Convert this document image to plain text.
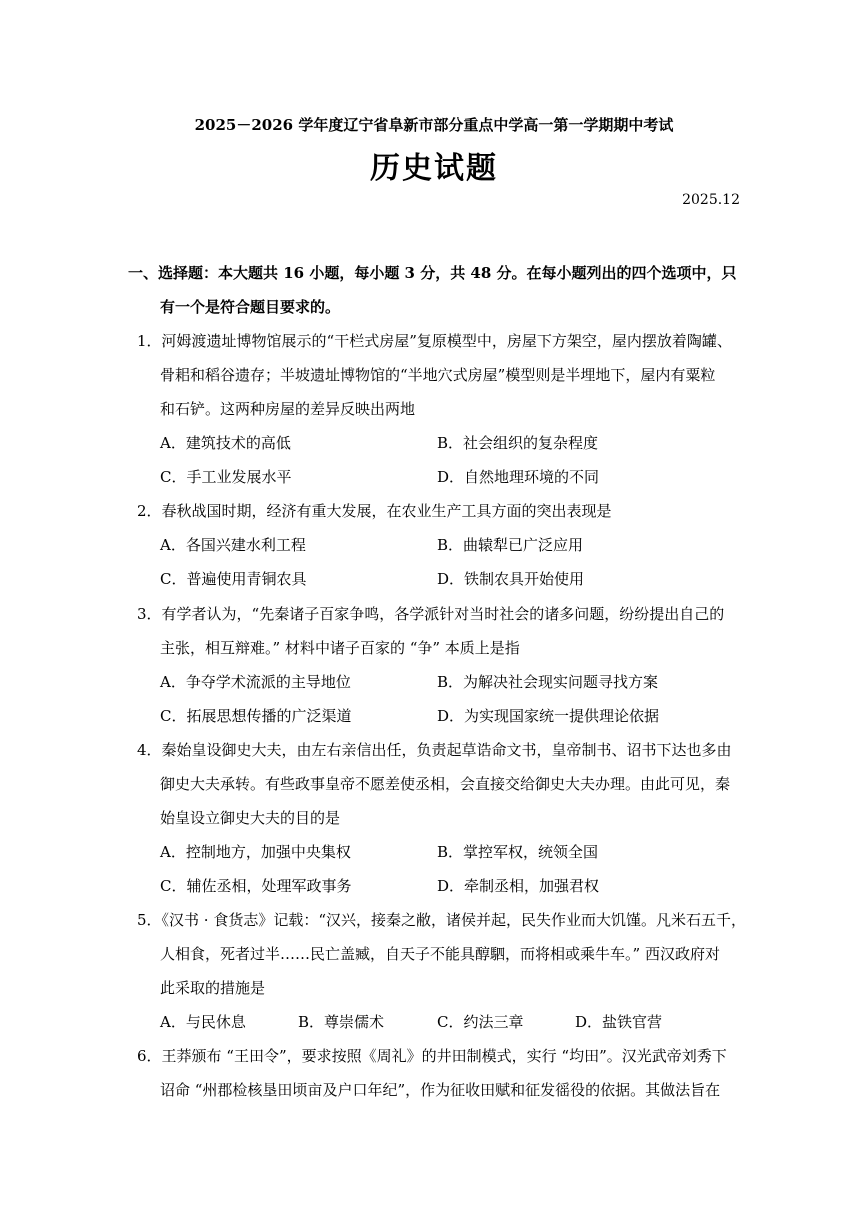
2025－2026 学年度辽宁省阜新市部分重点中学高一第一学期期中考试
历史试题
2025.12
一、选择题：本大题共 16 小题，每小题 3 分，共 48 分。在每小题列出的四个选项中，只
有一个是符合题目要求的。
1．河姆渡遗址博物馆展示的“干栏式房屋”复原模型中，房屋下方架空，屋内摆放着陶罐、
骨耜和稻谷遗存；半坡遗址博物馆的“半地穴式房屋”模型则是半埋地下，屋内有粟粒
和石铲。这两种房屋的差异反映出两地
A．建筑技术的高低	B．社会组织的复杂程度
C．手工业发展水平	D．自然地理环境的不同
2．春秋战国时期，经济有重大发展，在农业生产工具方面的突出表现是
A．各国兴建水利工程	B．曲辕犁已广泛应用
C．普遍使用青铜农具	D．铁制农具开始使用
3．有学者认为，“先秦诸子百家争鸣，各学派针对当时社会的诸多问题，纷纷提出自己的
主张，相互辩难。” 材料中诸子百家的 “争” 本质上是指
A．争夺学术流派的主导地位	B．为解决社会现实问题寻找方案
C．拓展思想传播的广泛渠道	D．为实现国家统一提供理论依据
4．秦始皇设御史大夫，由左右亲信出任，负责起草诰命文书，皇帝制书、诏书下达也多由
御史大夫承转。有些政事皇帝不愿差使丞相，会直接交给御史大夫办理。由此可见，秦
始皇设立御史大夫的目的是
A．控制地方，加强中央集权	B．掌控军权，统领全国
C．辅佐丞相，处理军政事务	D．牵制丞相，加强君权
5．《汉书 · 食货志》记载：“汉兴，接秦之敝，诸侯并起，民失作业而大饥馑。凡米石五千，
人相食，死者过半……民亡盖臧，自天子不能具醇駟，而将相或乘牛车。” 西汉政府对
此采取的措施是
A．与民休息	B．尊崇儒术	C．约法三章	D．盐铁官营
6．王莽颁布 “王田令”，要求按照《周礼》的井田制模式，实行 “均田”。汉光武帝刘秀下
诏命 “州郡检核垦田顷亩及户口年纪”，作为征收田赋和征发徭役的依据。其做法旨在
